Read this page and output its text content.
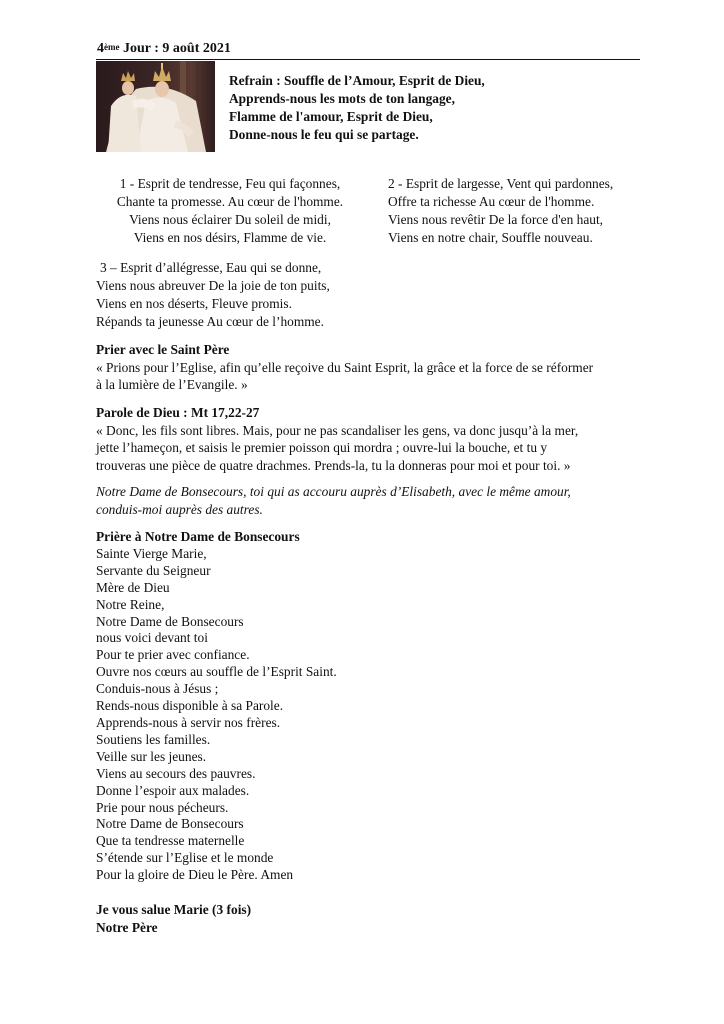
4ème Jour : 9 août 2021
Refrain : Souffle de l’Amour, Esprit de Dieu,
Apprends-nous les mots de ton langage,
Flamme de l'amour, Esprit de Dieu,
Donne-nous le feu qui se partage.
1 - Esprit de tendresse, Feu qui façonnes,
Chante ta promesse. Au cœur de l'homme.
Viens nous éclairer Du soleil de midi,
Viens en nos désirs, Flamme de vie.
2 - Esprit de largesse, Vent qui pardonnes,
Offre ta richesse Au cœur de l'homme.
Viens nous revêtir De la force d'en haut,
Viens en notre chair, Souffle nouveau.
3 – Esprit d’allégresse, Eau qui se donne,
Viens nous abreuver De la joie de ton puits,
Viens en nos déserts, Fleuve promis.
Répands ta jeunesse Au cœur de l’homme.
Prier avec le Saint Père
« Prions pour l’Eglise, afin qu’elle reçoive du Saint Esprit, la grâce et la force de se réformer
à la lumière de l’Evangile. »
Parole de Dieu : Mt 17,22-27
« Donc, les fils sont libres. Mais, pour ne pas scandaliser les gens, va donc jusqu’à la mer,
jette l’hameçon, et saisis le premier poisson qui mordra ; ouvre-lui la bouche, et tu y
trouveras une pièce de quatre drachmes. Prends-la, tu la donneras pour moi et pour toi. »
Notre Dame de Bonsecours, toi qui as accouru auprès d’Elisabeth, avec le même amour,
conduis-moi auprès des autres.
Prière à Notre Dame de Bonsecours
Sainte Vierge Marie,
Servante du Seigneur
Mère de Dieu
Notre Reine,
Notre Dame de Bonsecours
nous voici devant toi
Pour te prier avec confiance.
Ouvre nos cœurs au souffle de l’Esprit Saint.
Conduis-nous à Jésus ;
Rends-nous disponible à sa Parole.
Apprends-nous à servir nos frères.
Soutiens les familles.
Veille sur les jeunes.
Viens au secours des pauvres.
Donne l’espoir aux malades.
Prie pour nous pécheurs.
Notre Dame de Bonsecours
Que ta tendresse maternelle
S’étende sur l’Eglise et le monde
Pour la gloire de Dieu le Père. Amen
Je vous salue Marie (3 fois)
Notre Père
